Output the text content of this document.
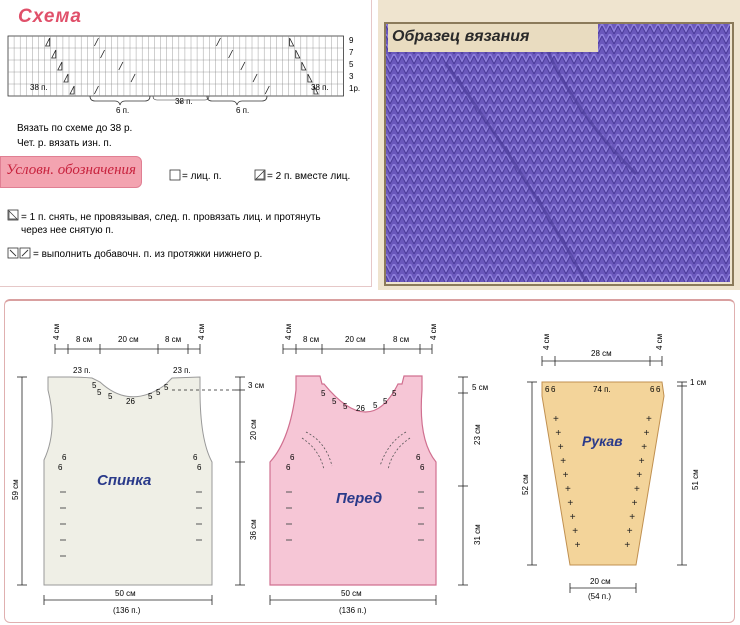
Схема
9
7
5
3
1р.
38 п.
6 п.
38 п.
6 п.
38 п.
Вязать по схеме до 38 р.
Чет. р. вязать изн. п.
Условн. обозначения	= лиц. п.	= 2 п. вместе лиц.
= 1 п. снять, не провязывая, след. п. провязать лиц. и протянуть
через нее снятую п.
= выполнить добавочн. п. из протяжки нижнего р.
Образец вязания
Спинка
4 см 8 см	20 см	8 см 4 см
23 п.	23 п.
5
5 5
26
5 5
5
6
6
6
6
59 см
3 см
20 см
36 см
50 см
(136 п.)
Перед
4 см 8 см	20 см	8 см 4 см
5
5
5 26 5 5
5
6
6
6
6
5 см
23 см
31 см
50 см
(136 п.)
Рукав
4 см
28 см
4 см
74 п.
6 6	6 6
+	+
+	+
+	+
+	+
+	+
+	+
+	+
+	+
+	+
+	+
52 см
1 см
51 см
20 см
(54 п.)
